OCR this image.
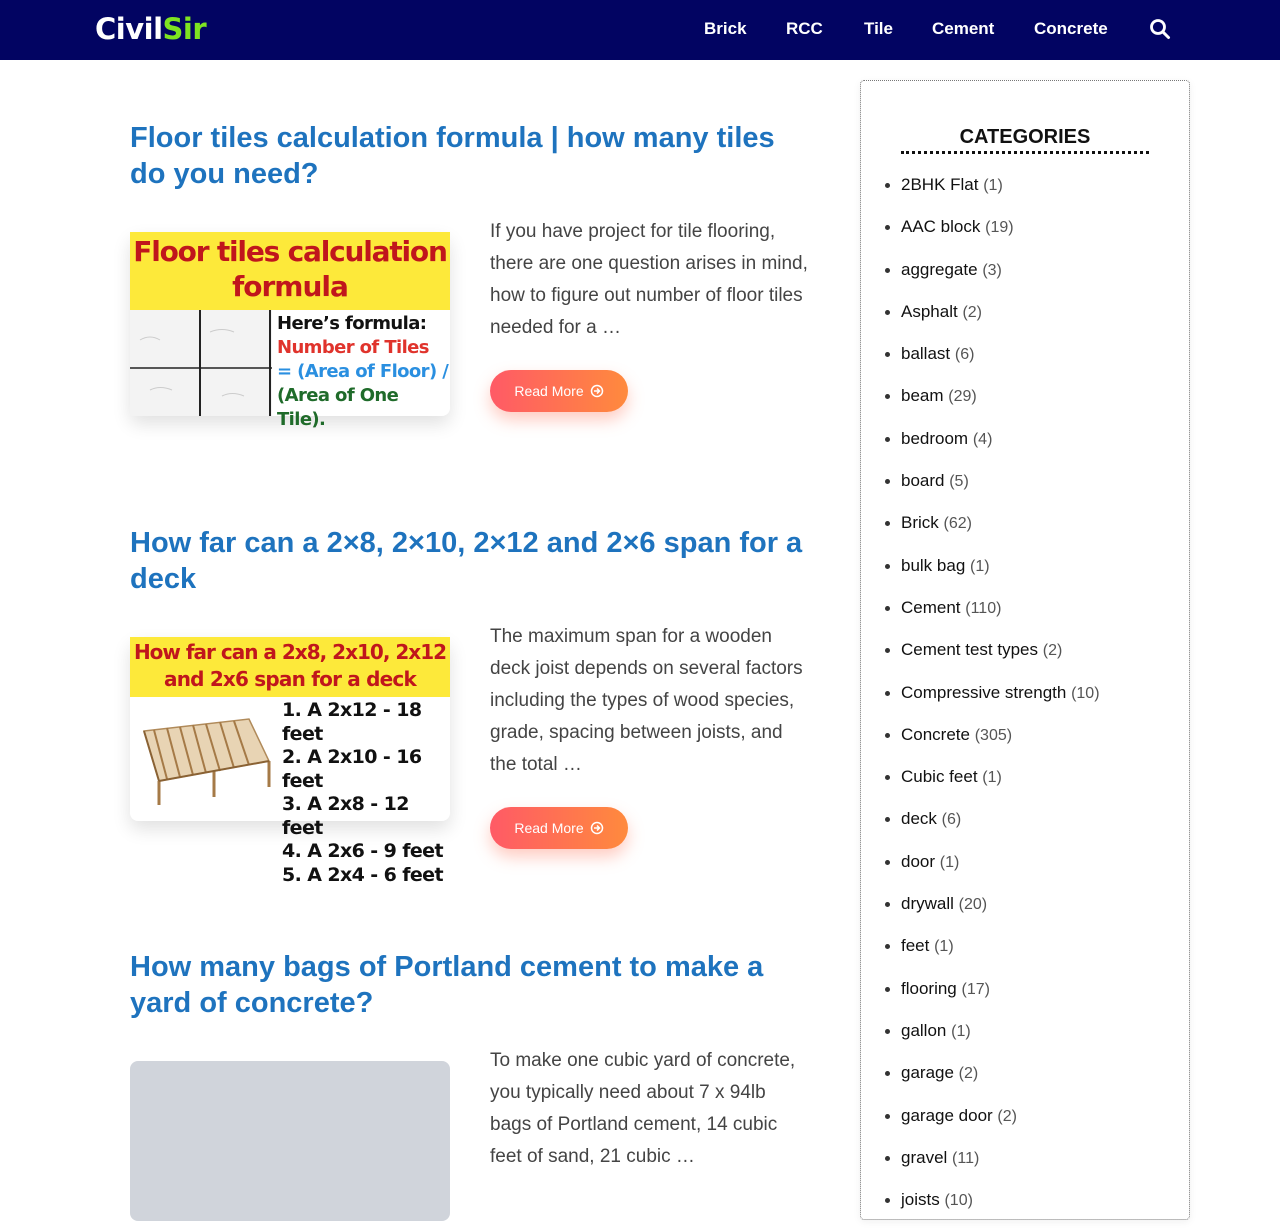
CivilSir	Brick RCC Tile Cement Concrete
Floor tiles calculation formula | how many tiles do you need?
Floor tiles calculation
formula
Here’s formula:
Number of Tiles
= (Area of Floor) /
(Area of One Tile).
If you have project for tile flooring, there are one question arises in mind, how to figure out number of floor tiles needed for a …
Read More
How far can a 2×8, 2×10, 2×12 and 2×6 span for a deck
How far can a 2x8, 2x10, 2x12
and 2x6 span for a deck
1. A 2x12 - 18 feet
2. A 2x10 - 16 feet
3. A 2x8 - 12 feet
4. A 2x6 - 9 feet
5. A 2x4 - 6 feet
The maximum span for a wooden deck joist depends on several factors including the types of wood species, grade, spacing between joists, and the total …
Read More
How many bags of Portland cement to make a yard of concrete?
To make one cubic yard of concrete, you typically need about 7 x 94lb bags of Portland cement, 14 cubic feet of sand, 21 cubic …
CATEGORIES
2BHK Flat (1)
AAC block (19)
aggregate (3)
Asphalt (2)
ballast (6)
beam (29)
bedroom (4)
board (5)
Brick (62)
bulk bag (1)
Cement (110)
Cement test types (2)
Compressive strength (10)
Concrete (305)
Cubic feet (1)
deck (6)
door (1)
drywall (20)
feet (1)
flooring (17)
gallon (1)
garage (2)
garage door (2)
gravel (11)
joists (10)
